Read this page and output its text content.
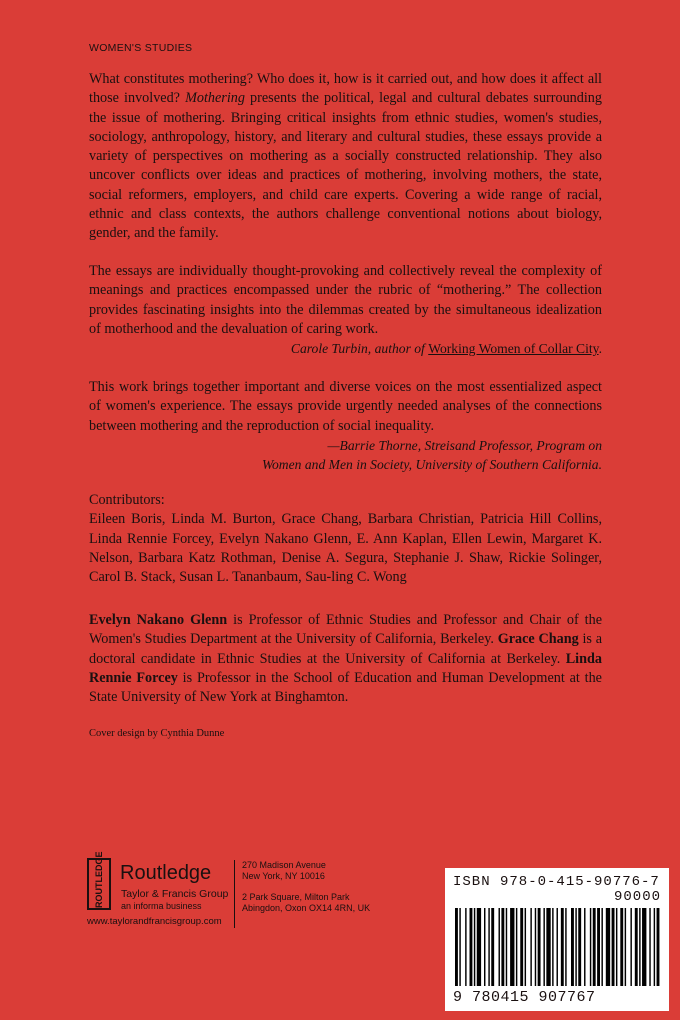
WOMEN'S STUDIES

What constitutes mothering? Who does it, how is it carried out, and how does it affect all those involved? Mothering presents the political, legal and cultural debates surrounding the issue of mothering. Bringing critical insights from ethnic studies, women's studies, sociology, anthropology, history, and literary and cultural studies, these essays provide a variety of perspectives on mothering as a socially constructed relationship. They also uncover conflicts over ideas and practices of mothering, involving mothers, the state, social reformers, employers, and child care experts. Covering a wide range of racial, ethnic and class contexts, the authors challenge conventional notions about biology, gender, and the family.

The essays are individually thought-provoking and collectively reveal the complexity of meanings and practices encompassed under the rubric of “mothering.” The collection provides fascinating insights into the dilemmas created by the simultaneous idealization of motherhood and the devaluation of caring work.
Carole Turbin, author of Working Women of Collar City.
This work brings together important and diverse voices on the most essentialized aspect of women's experience. The essays provide urgently needed analyses of the connections between mothering and the reproduction of social inequality.
—Barrie Thorne, Streisand Professor, Program on
Women and Men in Society, University of Southern California.
Contributors:
Eileen Boris, Linda M. Burton, Grace Chang, Barbara Christian, Patricia Hill Collins, Linda Rennie Forcey, Evelyn Nakano Glenn, E. Ann Kaplan, Ellen Lewin, Margaret K. Nelson, Barbara Katz Rothman, Denise A. Segura, Stephanie J. Shaw, Rickie Solinger, Carol B. Stack, Susan L. Tananbaum, Sau-ling C. Wong

Evelyn Nakano Glenn is Professor of Ethnic Studies and Professor and Chair of the Women's Studies Department at the University of California, Berkeley. Grace Chang is a doctoral candidate in Ethnic Studies at the University of California at Berkeley. Linda Rennie Forcey is Professor in the School of Education and Human Development at the State University of New York at Binghamton.

Cover design by Cynthia Dunne
ROUTLEDGE Routledge
Taylor & Francis Group
an informa business
www.taylorandfrancisgroup.com
270 Madison Avenue
New York, NY 10016
2 Park Square, Milton Park
Abingdon, Oxon OX14 4RN, UK
ISBN 978-0-415-90776-7
90000
9 780415 907767
